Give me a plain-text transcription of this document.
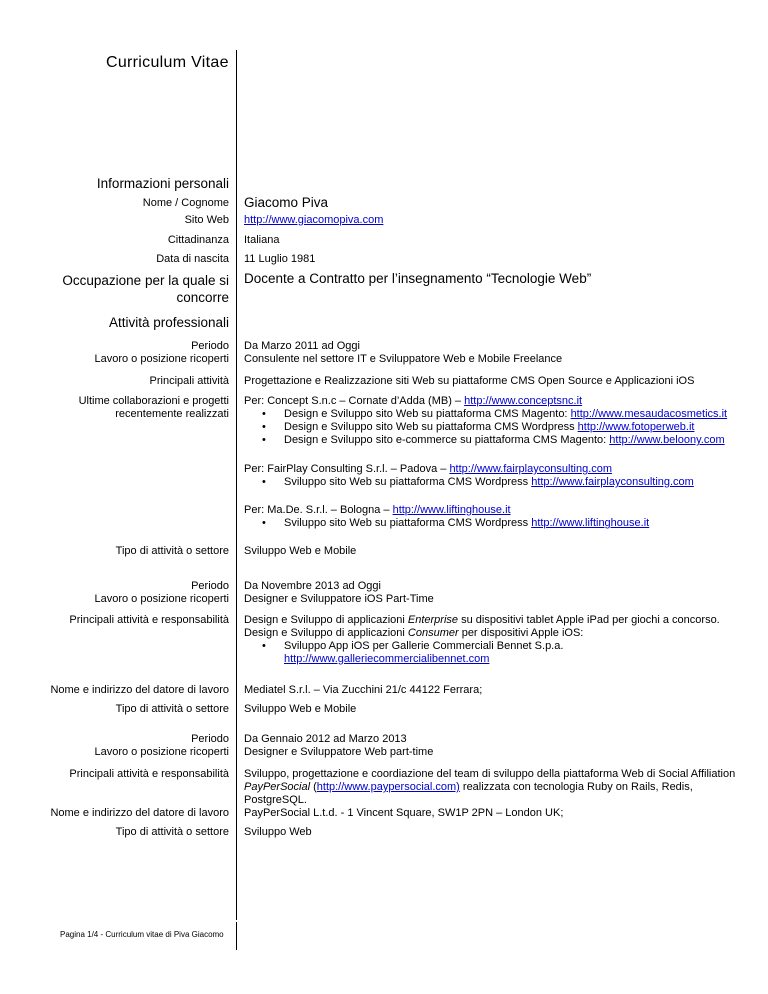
Curriculum Vitae
Informazioni personali
Nome / Cognome Giacomo Piva
Sito Web http://www.giacomopiva.com
Cittadinanza Italiana
Data di nascita 11 Luglio 1981
Occupazione per la quale si
concorre
Docente a Contratto per l’insegnamento “Tecnologie Web”
Attività professionali
Periodo
Lavoro o posizione ricoperti
Da Marzo 2011 ad Oggi
Consulente nel settore IT e Sviluppatore Web e Mobile Freelance
Principali attività Progettazione e Realizzazione siti Web su piattaforme CMS Open Source e Applicazioni iOS
Ultime collaborazioni e progetti
recentemente realizzati
Per: Concept S.n.c – Cornate d’Adda (MB) – http://www.conceptsnc.it
• Design e Sviluppo sito Web su piattaforma CMS Magento: http://www.mesaudacosmetics.it
• Design e Sviluppo sito Web su piattaforma CMS Wordpress http://www.fotoperweb.it
• Design e Sviluppo sito e-commerce su piattaforma CMS Magento: http://www.beloony.com
Per: FairPlay Consulting S.r.l. – Padova – http://www.fairplayconsulting.com
• Sviluppo sito Web su piattaforma CMS Wordpress http://www.fairplayconsulting.com
Per: Ma.De. S.r.l. – Bologna – http://www.liftinghouse.it
• Sviluppo sito Web su piattaforma CMS Wordpress http://www.liftinghouse.it
Tipo di attività o settore Sviluppo Web e Mobile
Periodo
Lavoro o posizione ricoperti
Da Novembre 2013 ad Oggi
Designer e Sviluppatore iOS Part-Time
Principali attività e responsabilità Design e Sviluppo di applicazioni Enterprise su dispositivi tablet Apple iPad per giochi a concorso.
Design e Sviluppo di applicazioni Consumer per dispositivi Apple iOS:
• Sviluppo App iOS per Gallerie Commerciali Bennet S.p.a.
http://www.galleriecommercialibennet.com
Nome e indirizzo del datore di lavoro Mediatel S.r.l. – Via Zucchini 21/c 44122 Ferrara;
Tipo di attività o settore Sviluppo Web e Mobile
Periodo
Lavoro o posizione ricoperti
Da Gennaio 2012 ad Marzo 2013
Designer e Sviluppatore Web part-time
Principali attività e responsabilità Sviluppo, progettazione e coordiazione del team di sviluppo della piattaforma Web di Social Affiliation
PayPerSocial (http://www.paypersocial.com) realizzata con tecnologia Ruby on Rails, Redis,
PostgreSQL.
PayPerSocial L.t.d. - 1 Vincent Square, SW1P 2PN – London UK;
Nome e indirizzo del datore di lavoro
Tipo di attività o settore Sviluppo Web
Pagina 1/4 - Curriculum vitae di Piva Giacomo
